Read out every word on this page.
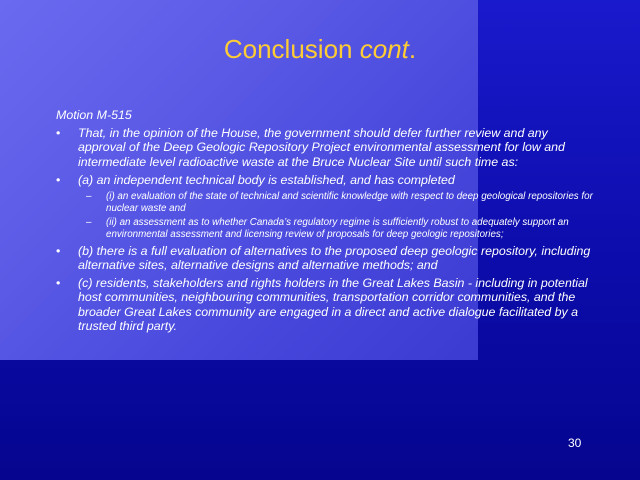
Conclusion cont.
Motion M-515
• That, in the opinion of the House, the government should defer further review and any approval of the Deep Geologic Repository Project environmental assessment for low and intermediate level radioactive waste at the Bruce Nuclear Site until such time as:
• (a) an independent technical body is established, and has completed
– (i) an evaluation of the state of technical and scientific knowledge with respect to deep geological repositories for nuclear waste and
– (ii) an assessment as to whether Canada’s regulatory regime is sufficiently robust to adequately support an environmental assessment and licensing review of proposals for deep geologic repositories;
• (b) there is a full evaluation of alternatives to the proposed deep geologic repository, including alternative sites, alternative designs and alternative methods; and
• (c) residents, stakeholders and rights holders in the Great Lakes Basin - including in potential host communities, neighbouring communities, transportation corridor communities, and the broader Great Lakes community are engaged in a direct and active dialogue facilitated by a trusted third party.
30
